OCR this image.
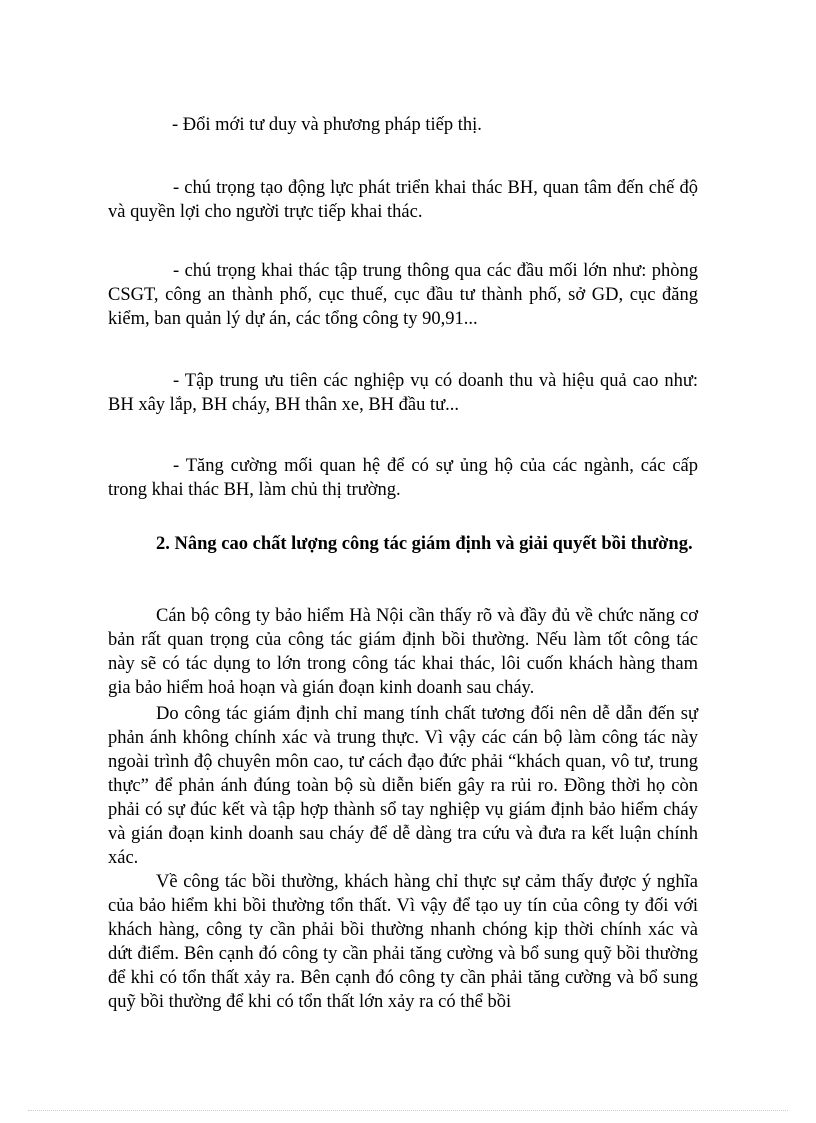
- Đổi mới tư duy và phương pháp tiếp thị.

- chú trọng tạo động lực phát triển khai thác BH, quan tâm đến chế độ và quyền lợi cho người trực tiếp khai thác.

- chú trọng khai thác tập trung thông qua các đầu mối lớn như: phòng CSGT, công an thành phố, cục thuế, cục đầu tư thành phố, sở GD, cục đăng kiểm, ban quản lý dự án, các tổng công ty 90,91...

- Tập trung ưu tiên các nghiệp vụ có doanh thu và hiệu quả cao như: BH xây lắp, BH cháy, BH thân xe, BH đầu tư...

- Tăng cường mối quan hệ để có sự ủng hộ của các ngành, các cấp trong khai thác BH, làm chủ thị trường.

2. Nâng cao chất lượng công tác giám định và giải quyết bồi thường.

Cán bộ công ty bảo hiểm Hà Nội cần thấy rõ và đầy đủ về chức năng cơ bản rất quan trọng của công tác giám định bồi thường. Nếu làm tốt công tác này sẽ có tác dụng to lớn trong công tác khai thác, lôi cuốn khách hàng tham gia bảo hiểm hoả hoạn và gián đoạn kinh doanh sau cháy.

Do công tác giám định chỉ mang tính chất tương đối nên dễ dẫn đến sự phản ánh không chính xác và trung thực. Vì vậy các cán bộ làm công tác này ngoài trình độ chuyên môn cao, tư cách đạo đức phải “khách quan, vô tư, trung thực” để phản ánh đúng toàn bộ sù diễn biến gây ra rủi ro. Đồng thời họ còn phải có sự đúc kết và tập hợp thành sổ tay nghiệp vụ giám định bảo hiểm cháy và gián đoạn kinh doanh sau cháy để dễ dàng tra cứu và đưa ra kết luận chính xác.

Về công tác bồi thường, khách hàng chỉ thực sự cảm thấy được ý nghĩa của bảo hiểm khi bồi thường tổn thất. Vì vậy để tạo uy tín của công ty đối với khách hàng, công ty cần phải bồi thường nhanh chóng kịp thời chính xác và dứt điểm. Bên cạnh đó công ty cần phải tăng cường và bổ sung quỹ bồi thường để khi có tổn thất xảy ra. Bên cạnh đó công ty cần phải tăng cường và bổ sung quỹ bồi thường để khi có tổn thất lớn xảy ra có thể bồi
